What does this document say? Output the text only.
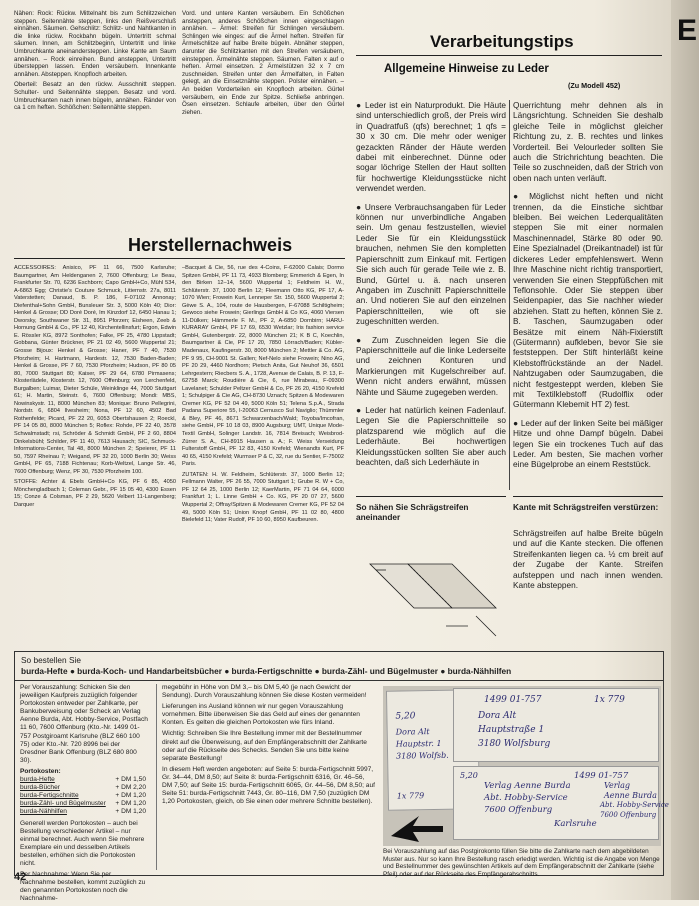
E

Nähen: Rock: Rückw. Mittelnaht bis zum Schlitzzeichen steppen. Seitennähte steppen, links den Reißverschluß einnähen. Säumen. Gehschlitz: Schlitz- und Nahtkanten in die linke rückw. Rockbahn bügeln. Untertritt schmal säumen. Innen, am Schlitzbeginn, Untertritt und linke Umbruchkante aneinandersteppen. Linke Kante am Saum annähen. – Rock einreihen. Bund ansteppen, Untertritt übersteppen lassen. Enden versäubern. Innenkante annähen. Absteppen. Knopfloch arbeiten.

Oberteil: Besatz an den rückw. Ausschnitt steppen. Schulter- und Seitennähte steppen. Besatz und vord. Umbruchkanten nach innen bügeln, annähen. Ränder von ca 1 cm heften. Schößchen: Seitennähte steppen.

Vord. und untere Kanten versäubern. Ein Schößchen ansteppen, anderes Schößchen innen eingeschlagen annähen. – Ärmel: Streifen für Schlingen versäubern. Schlingen wie einges: auf die Ärmel heften. Streifen für Ärmelschlitze auf halbe Breite bügeln. Abnäher steppen, darunter die Schlitzkanten mit den Streifen versäubern, einsteppen. Ärmelnähte steppen. Säumen. Falten x auf o heften. Ärmel einsetzen. 2 Ärmelstützen 32 x 7 cm zuschneiden. Streifen unter den Ärmelfalten, in Falten gelegt, an die Einsetznähte steppen. Polster einnähen. – An beiden Vorderteilen ein Knopfloch arbeiten. Gürtel versäubern, ein Ende zur Spitze. Schließe anbringen. Ösen einsetzen. Schlaufe arbeiten, über den Gürtel ziehen.

Herstellernachweis

ACCESSOIRES: Anisico, PF 11 66, 7500 Karlsruhe; Baumgartner, Am Heldenganen 2, 7600 Offenburg; Le Beau, Frankfurter Str. 70, 6236 Eschborn; Capo GmbH+Co, Mühl 534, A-6863 Egg; Christie's Couture Schmuck, Litiernstr. 27a, 8011 Vaterstetten; Danaud, B. P. 186, F-07102 Annonay; Diefenthal+Sohn GmbH, Bunsleuer Str. 3, 5000 Köln 40; Dior: Henkel & Grosse; DD Doré Doré, Im Kinzdorf 12, 6450 Hanau 1; Dworsky, Southwaner Str. 31, 8951 Pforzen; Eisheen, Zeeb & Hornung GmbH & Co., PF 12 40, Kirchentellinsfurt; Ergon, Edwin E. Rössler KG, 8972 Sonthofen; Falke, PF 25, 4780 Lippstadt; Gobbana, Günter Brückner, PF 21 02 49, 5600 Wuppertal 21; Grosse Bijoux: Henkel & Grosse; Haner, PF 7 40, 7530 Pforzheim; H. Hartmann, Hardestr. 12, 7530 Baden-Baden; Henkel & Grosse, PF 7 60, 7530 Pforzheim; Hudson, PF 80 05 80, 7000 Stuttgart 80; Kaiser, PF 29 64, 6780 Pirmasens; Klosterlädele, Klosterstr. 12, 7600 Offenburg; von Lerchenfeld, Burgalben; Luimar, Dieter Schüle, Weinklinge 44, 7000 Stuttgart 61; H. Martin, Steinstr. 6, 7600 Offenburg; Mondi: MBS, Nowinskystr. 11, 8000 München 83; Monique: Bruno Pellegrini, Nordstr. 6, 6804 Ilvesheim; Nona, PF 12 60, 4502 Bad Rothenfelde; Picard, PF 22 20, 6053 Obertshausen 2; Roeckl, PF 14 05 80, 8000 München 5; Roflex: Rohde, PF 22 40, 3578 Schwalmstadt; rsi, Schröder & Schmidt GmbH, PF 2 60, 8804 Dinkelsbühl; Schilder, PF 11 40, 7613 Hausach; SIC, Schmuck-Informations-Center, Tal 48, 8000 München 2; Speierer, PF 11 50, 7597 Rheinau 7; Weigand, PF 32 20, 1000 Berlin 30; Weiss GmbH, PF 65, 7188 Fichtenau; Korb-Weltzel, Lange Str. 46, 7600 Offenburg; Wenz, PF 30, 7530 Pforzheim 100.

STOFFE: Achter & Ebels GmbH+Co KG, PF 6 85, 4050 Mönchengladbach 1; Coleman Gebr., PF 15 05 40, 4300 Essen 15; Conze & Colsman, PF 2 29, 5620 Velbert 11-Langenberg; Darquer

–Bacquet & Cie, 56, rue des 4-Coins, F-62000 Calais; Dormo Spitzen GmbH, PF 11 73, 4933 Blomberg; Emmerich & Egen, In den Birken 12–14, 5600 Wuppertal 1; Feldheim H. W., Schlüterstr. 37, 1000 Berlin 12; Fleemann Otto KG, PF 17, A-1070 Wien; Frowein Kurt, Lenneper Str. 150, 5600 Wuppertal 2; Gèwe S. A., 104, route de Hausbergen, F-67088 Schiltigheim; Gewoco siehe Frowein; Gierlings GmbH & Co KG, 4060 Viersen 11-Dülken; Hämmerle F. M., PF 2, A-6850 Dornbirn; HARU-KURARAY GmbH, PF 17 69, 6530 Wetzlar; Iris fashion service GmbH, Gutenbergstr. 22, 8000 München 21; K B C, Koechlin, Baumgartner & Cie, PF 17 20, 7850 Lörrach/Baden; Kübler-Madenaux, Kaufingerstr. 30, 8000 München 2; Mettler & Co. AG, PF 9 95, CH-9001 St. Gallen; Nef-Nelo siehe Frowein; Nino AG, PF 20 29, 4460 Nordhorn; Pietsch Anita, Gut Neuhof 36, 6501 Lehrgestern; Riecbers S. A., 1728, Avenue de Calais, B. P. 13, F-62758 Marck; Roudière & Cie, 6, rue Mirabeau, F-09300 Lavelanet; Schulder Peltzer GmbH & Co, PF 26 20, 4150 Krefeld 1; Schulpiger & Cie AG, CH-8730 Uznach; Spitzen & Modewaren Cremer KG, PF 52 04 49, 5000 Köln 51; Telena S.p.A., Strada Padana Superiore 55, I-20063 Cernusco Sul Naviglio; Thümmler & Bley, PF 46, 8671 Schwarzenbach/Wald; Toyoba/Imcofran, siehe GmbH, PF 10 18 03, 8900 Augsburg; UMT, Unique Mode-Textil GmbH, Solinger Landstr. 16, 7814 Breisach; Weisbrod-Zürrer S. A., CH-8915 Hausen a. A.; F. Weiss Verseidung Fulterstoff GmbH, PF 12 83, 4150 Krefeld; Wienandts Kurt, PF 40 65, 4150 Krefeld; Wurmser P & C, 32, rue du Sentier, F-75002 Paris.

ZUTATEN: H. W. Feldheim, Schlüterstr. 37, 1000 Berlin 12; Fellmann Walter, PF 26 55, 7000 Stuttgart 1; Grube R. W + Co, PF 12 64 25, 1000 Berlin 12; KaerMartin, PF 71 04 64, 6000 Frankfurt 1; L. Linne GmbH + Co. KG, PF 20 07 27, 5600 Wuppertal 2; Offray/Spitzen & Modewaren Cremer KG, PF 52 04 49, 5000 Köln 51; Union Knopf GmbH, PF 11 02 80, 4800 Bielefeld 11; Vater Rudolf, PF 10 60, 8950 Kaufbeuren.

Verarbeitungstips
Allgemeine Hinweise zu Leder
(Zu Modell 452)

● Leder ist ein Naturprodukt. Die Häute sind unterschiedlich groß, der Preis wird in Quadratfuß (qfs) berechnet; 1 qfs = 30 x 30 cm. Die mehr oder weniger gezackten Ränder der Häute werden dabei mit einberechnet. Dünne oder sogar löchrige Stellen der Haut sollten für hochwertige Kleidungsstücke nicht verwendet werden.

● Unsere Verbrauchsangaben für Leder können nur unverbindliche Angaben sein. Um genau festzustellen, wieviel Leder Sie für ein Kleidungsstück brauchen, nehmen Sie den kompletten Papierschnitt zum Einkauf mit. Fertigen Sie sich auch für gerade Teile wie z. B. Bund, Gürtel u. ä. nach unseren Angaben im Zuschnitt Papierschnitteile an. Und notieren Sie auf den einzelnen Papierschnitteilen, wie oft sie zugeschnitten werden.

● Zum Zuschneiden legen Sie die Papierschnitteile auf die linke Lederseite und zeichnen Konturen und Markierungen mit Kugelschreiber auf. Wenn nicht anders erwähnt, müssen Nähte und Säume zugegeben werden.

● Leder hat natürlich keinen Fadenlauf. Legen Sie die Papierschnitteile so platzsparend wie möglich auf die Lederhäute. Bei hochwertigen Kleidungsstücken sollten Sie aber auch beachten, daß sich Lederhäute in

Querrichtung mehr dehnen als in Längsrichtung. Schneiden Sie deshalb gleiche Teile in möglichst gleicher Richtung zu, z. B. rechtes und linkes Vorderteil. Bei Velourleder sollten Sie auch die Strichrichtung beachten. Die Teile so zuschneiden, daß der Strich von oben nach unten verläuft.

● Möglichst nicht heften und nicht trennen, da die Einstiche sichtbar bleiben. Bei weichen Lederqualitäten steppen Sie mit einer normalen Maschinennadel, Stärke 80 oder 90. Eine Spezialnadel (Dreikantnadel) ist für dickeres Leder empfehlenswert. Wenn Ihre Maschine nicht richtig transportiert, verwenden Sie einen Steppfüßchen mit Teflonsohle. Oder Sie steppen über Seidenpapier, das Sie nachher wieder abziehen. Statt zu heften, können Sie z. B. Taschen, Saumzugaben oder Besätze mit einem Näh-Fixierstift (Gütermann) aufkleben, bevor Sie sie feststeppen. Der Stift hinterläßt keine Klebstoffrückstände an der Nadel. Nahtzugaben oder Saumzugaben, die nicht festgesteppt werden, kleben Sie mit Textilklebstoff (Rudolflix oder Gütermann Klebemit HT 2) fest.

● Leder auf der linken Seite bei mäßiger Hitze und ohne Dampf bügeln. Dabei legen Sie ein trockenes Tuch auf das Leder. Am besten, Sie machen vorher eine Bügelprobe an einem Reststück.

So nähen Sie Schrägstreifen aneinander
Kante mit Schrägstreifen verstürzen:
Schrägstreifen auf halbe Breite bügeln und auf die Kante stecken. Die offenen Streifenkanten liegen ca. ½ cm breit auf der Zugabe der Kante. Streifen aufsteppen und nach innen wenden. Kante absteppen.
So bestellen Sie
burda-Hefte ● burda-Koch- und Handarbeitsbücher ● burda-Fertigschnitte ● burda-Zähl- und Bügelmuster ● burda-Nähhilfen

Per Vorauszahlung: Schicken Sie den jeweiligen Kaufpreis zuzüglich folgender Portokosten entweder per Zahlkarte, per Bankuberweisung oder Scheck an Verlag Aenne Burda, Abt. Hobby-Service, Postfach 11 60, 7600 Offenburg (Kto.-Nr. 1499 01-757 Postgiroamt Karlsruhe (BLZ 660 100 75) oder Kto.-Nr. 720 8996 bei der Dresdner Bank Offenburg (BLZ 680 800 30).

Portokosten:
burda-Hefte	+ DM 1,50
burda-Bücher	+ DM 2,20
burda-Fertigschnitte	+ DM 1,20
burda-Zähl- und Bügelmuster + DM 1,20
burda-Nähhilfen	+ DM 1,20

Generell werden Portokosten – auch bei Bestellung verschiedener Artikel – nur einmal berechnet. Auch wenn Sie mehrere Exemplare ein und desselben Artikels bestellen, erhöhen sich die Portokosten nicht.

Per Nachnahme: Wenn Sie per Nachnahme bestellen, kommt zuzüglich zu den genannten Portokosten noch die Nachnahme-

megebühr in Höhe von DM 3,– bis DM 5,40 (je nach Gewicht der Sendung). Durch Vorauszahlung können Sie diese Kosten vermeiden!

Lieferungen ins Ausland können wir nur gegen Vorauszahlung vornehmen. Bitte überweisen Sie das Geld auf eines der genannten Konten. Es gelten die gleichen Portokosten wie fürs Inland.

Wichtig: Schreiben Sie Ihre Bestellung immer mit der Bestellnummer direkt auf die Überweisung, auf den Empfängerabschnitt der Zahlkarte oder auf die Rückseite des Schecks. Senden Sie uns bitte keine separate Bestellung!

In diesem Heft werden angeboten: auf Seite 5: burda-Fertigschnitt 5997, Gr. 34–44, DM 8,50; auf Seite 8: burda-Fertigschnitt 6316, Gr. 46–56, DM 7,50; auf Seite 15: burda-Fertigschnitt 6065, Gr. 44–56, DM 8,50; auf Seite 51: burda-Fertigschnitt 7443, Gr. 80–116, DM 7,50 (zuzüglich DM 1,20 Portokosten, gleich, ob Sie einen oder mehrere Schnitte bestellen).

5,20
Dora Alt
Hauptstr. 1
3180 Wolfsb.
1x 779
1499 01-757	1x 779
Dora Alt
Hauptstraße 1
3180 Wolfsburg
5,20
Verlag Aenne Burda
Abt. Hobby-Service
7600 Offenburg
Karlsruhe
1499 01-757
Verlag
Aenne Burda
Abt. Hobby-Service
7600 Offenburg
Bei Vorauszahlung auf das Postgirokonto füllen Sie bitte die Zahlkarte nach dem abgebildeten Muster aus. Nur so kann Ihre Bestellung rasch erledigt werden. Wichtig ist die Angabe von Menge und Bestellnummer des gewünschten Artikels auf dem Empfängerabschnitt der Zahlkarte (siehe Pfeil) oder auf der Rückseite des Empfängerabschnitts.
42
